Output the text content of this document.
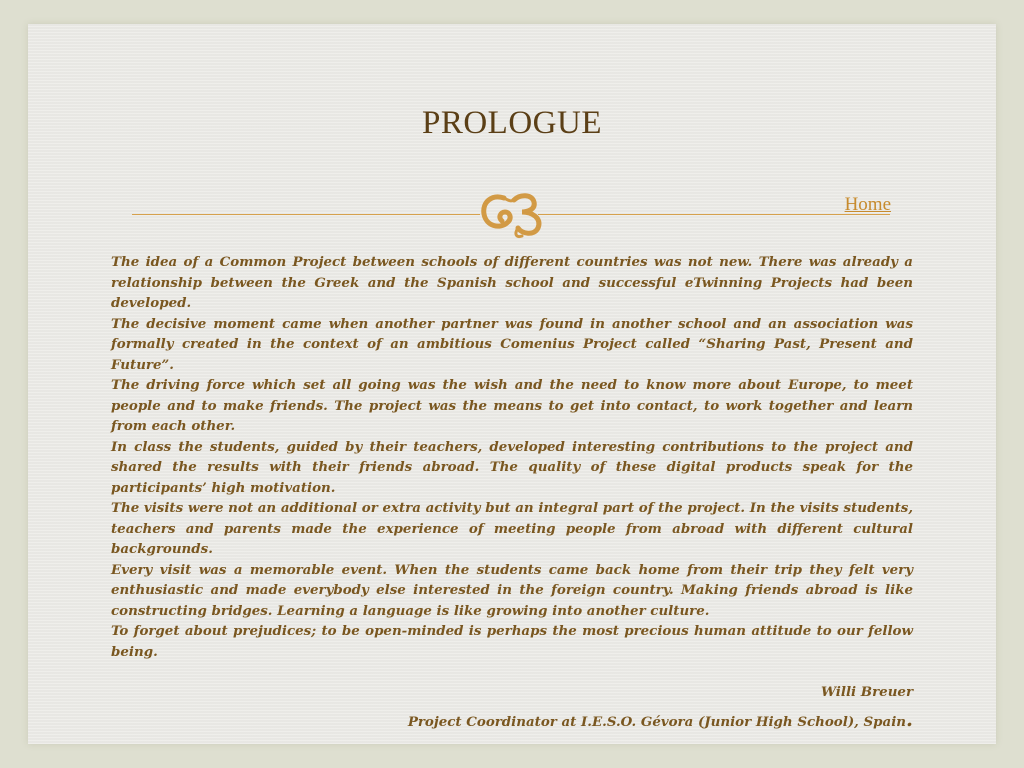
PROLOGUE
Home

The idea of a Common Project between schools of different countries was not new. There was already a relationship between the Greek and the Spanish school and successful eTwinning Projects had been developed.

The decisive moment came when another partner was found in another school and an association was formally created in the context of an ambitious Comenius Project called “Sharing Past, Present and Future”.

The driving force which set all going was the wish and the need to know more about Europe, to meet people and to make friends. The project was the means to get into contact, to work together and learn from each other.

In class the students, guided by their teachers, developed interesting contributions to the project and shared the results with their friends abroad. The quality of these digital products speak for the participants’ high motivation.

The visits were not an additional or extra activity but an integral part of the project. In the visits students, teachers and parents made the experience of meeting people from abroad with different cultural backgrounds.

Every visit was a memorable event. When the students came back home from their trip they felt very enthusiastic and made everybody else interested in the foreign country. Making friends abroad is like constructing bridges. Learning a language is like growing into another culture.

To forget about prejudices; to be open-minded is perhaps the most precious human attitude to our fellow being.

Willi Breuer
Project Coordinator at I.E.S.O. Gévora (Junior High School), Spain.
